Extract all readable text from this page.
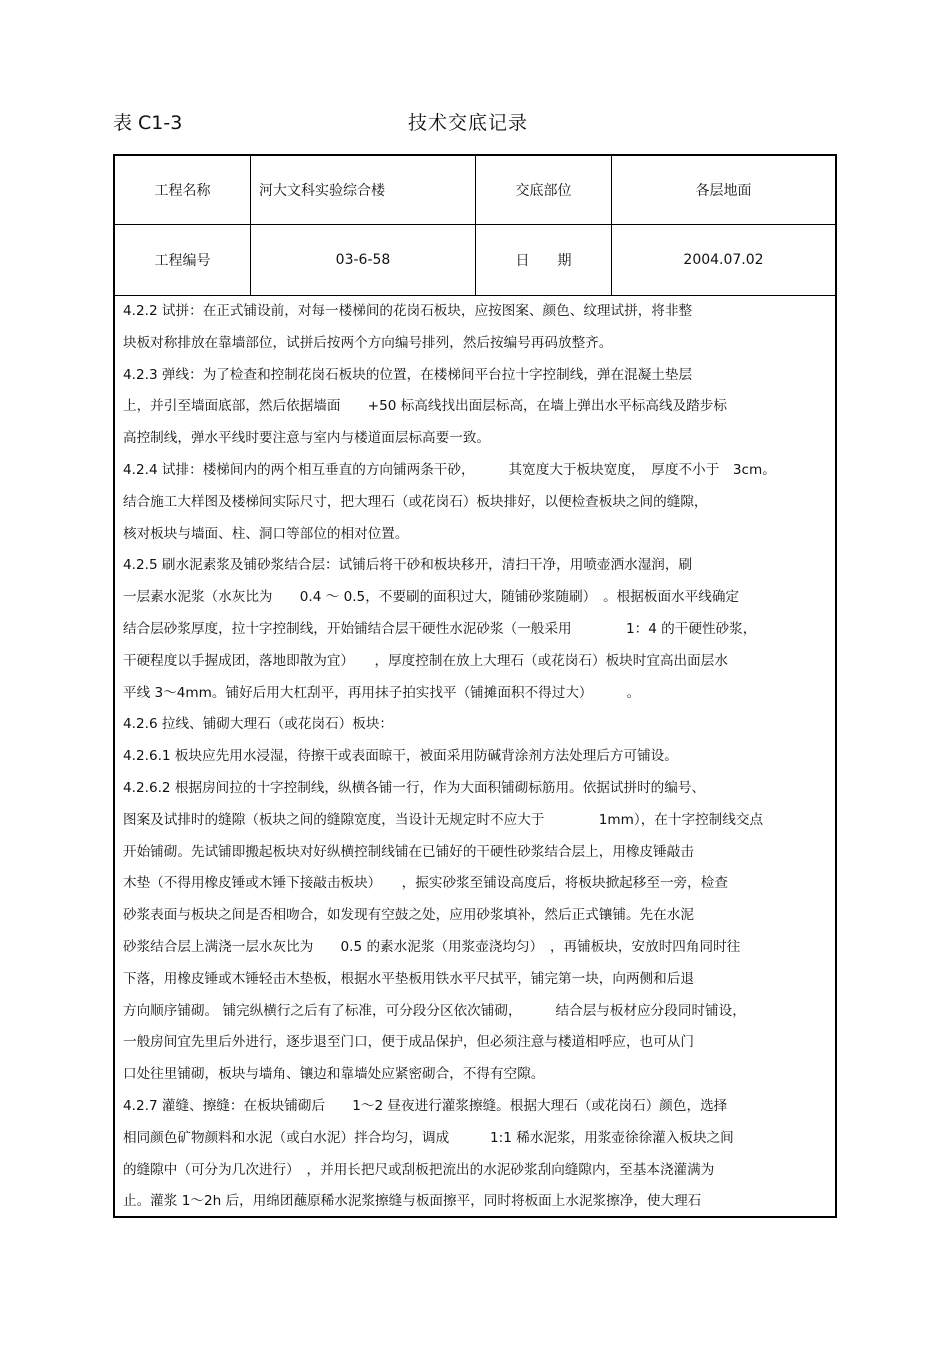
表 C1-3	技术交底记录
工程名称	河大文科实验综合楼	交底部位	各层地面
工程编号	03-6-58	日　　期	2004.07.02
4.2.2 试拼：在正式铺设前，对每一楼梯间的花岗石板块，应按图案、颜色、纹理试拼，将非整
块板对称排放在靠墙部位，试拼后按两个方向编号排列，然后按编号再码放整齐。
4.2.3 弹线：为了检查和控制花岗石板块的位置，在楼梯间平台拉十字控制线，弹在混凝土垫层
上，并引至墙面底部，然后依据墙面　　+50 标高线找出面层标高，在墙上弹出水平标高线及踏步标
高控制线，弹水平线时要注意与室内与楼道面层标高要一致。
4.2.4 试排：楼梯间内的两个相互垂直的方向铺两条干砂，　　　其宽度大于板块宽度，　厚度不小于　3cm。
结合施工大样图及楼梯间实际尺寸，把大理石（或花岗石）板块排好，以便检查板块之间的缝隙，
核对板块与墙面、柱、洞口等部位的相对位置。
4.2.5 刷水泥素浆及铺砂浆结合层：试铺后将干砂和板块移开，清扫干净，用喷壶洒水湿润，刷
一层素水泥浆（水灰比为　　0.4 ～ 0.5，不要刷的面积过大，随铺砂浆随刷）　。根据板面水平线确定
结合层砂浆厚度，拉十字控制线，开始铺结合层干硬性水泥砂浆（一般采用　　　　1：4 的干硬性砂浆，
干硬程度以手握成团，落地即散为宜）　　，厚度控制在放上大理石（或花岗石）板块时宜高出面层水
平线 3～4mm。铺好后用大杠刮平，再用抹子拍实找平（铺摊面积不得过大）　　　。
4.2.6 拉线、铺砌大理石（或花岗石）板块：
4.2.6.1 板块应先用水浸湿，待擦干或表面晾干，被面采用防碱背涂剂方法处理后方可铺设。
4.2.6.2 根据房间拉的十字控制线，纵横各铺一行，作为大面积铺砌标筋用。依据试拼时的编号、
图案及试排时的缝隙（板块之间的缝隙宽度，当设计无规定时不应大于　　　　1mm），在十字控制线交点
开始铺砌。先试铺即搬起板块对好纵横控制线铺在已铺好的干硬性砂浆结合层上，用橡皮锤敲击
木垫（不得用橡皮锤或木锤下接敲击板块）　　，振实砂浆至铺设高度后，将板块掀起移至一旁，检查
砂浆表面与板块之间是否相吻合，如发现有空鼓之处，应用砂浆填补，然后正式镶铺。先在水泥
砂浆结合层上满浇一层水灰比为　　0.5 的素水泥浆（用浆壶浇均匀）　，再铺板块，安放时四角同时往
下落，用橡皮锤或木锤轻击木垫板，根据水平垫板用铁水平尺拭平，铺完第一块，向两侧和后退
方向顺序铺砌。 铺完纵横行之后有了标准，可分段分区依次铺砌，　　　结合层与板材应分段同时铺设，
一般房间宜先里后外进行，逐步退至门口，便于成品保护，但必须注意与楼道相呼应，也可从门
口处往里铺砌，板块与墙角、镶边和靠墙处应紧密砌合，不得有空隙。
4.2.7 灌缝、擦缝：在板块铺砌后　　1～2 昼夜进行灌浆擦缝。根据大理石（或花岗石）颜色，选择
相同颜色矿物颜料和水泥（或白水泥）拌合均匀，调成　　　1:1 稀水泥浆，用浆壶徐徐灌入板块之间
的缝隙中（可分为几次进行）　，并用长把尺或刮板把流出的水泥砂浆刮向缝隙内，至基本浇灌满为
止。灌浆 1～2h 后，用绵团蘸原稀水泥浆擦缝与板面擦平，同时将板面上水泥浆擦净，使大理石
